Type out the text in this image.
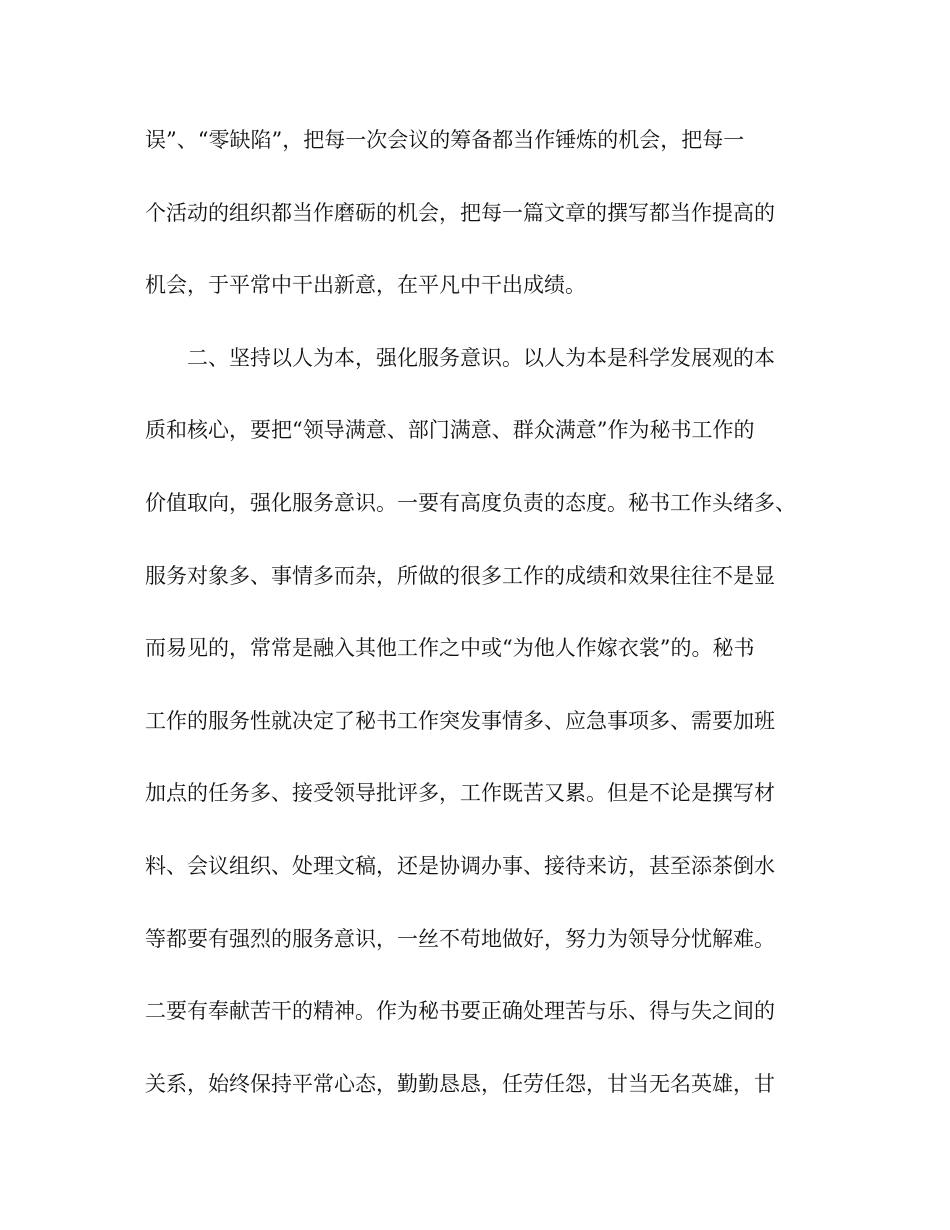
误”、“零缺陷”，把每一次会议的筹备都当作锤炼的机会，把每一
个活动的组织都当作磨砺的机会，把每一篇文章的撰写都当作提高的
机会，于平常中干出新意，在平凡中干出成绩。
　　二、坚持以人为本，强化服务意识。以人为本是科学发展观的本
质和核心，要把“领导满意、部门满意、群众满意”作为秘书工作的
价值取向，强化服务意识。一要有高度负责的态度。秘书工作头绪多、
服务对象多、事情多而杂，所做的很多工作的成绩和效果往往不是显
而易见的，常常是融入其他工作之中或“为他人作嫁衣裳”的。秘书
工作的服务性就决定了秘书工作突发事情多、应急事项多、需要加班
加点的任务多、接受领导批评多，工作既苦又累。但是不论是撰写材
料、会议组织、处理文稿，还是协调办事、接待来访，甚至添茶倒水
等都要有强烈的服务意识，一丝不苟地做好，努力为领导分忧解难。
二要有奉献苦干的精神。作为秘书要正确处理苦与乐、得与失之间的
关系，始终保持平常心态，勤勤恳恳，任劳任怨，甘当无名英雄，甘
